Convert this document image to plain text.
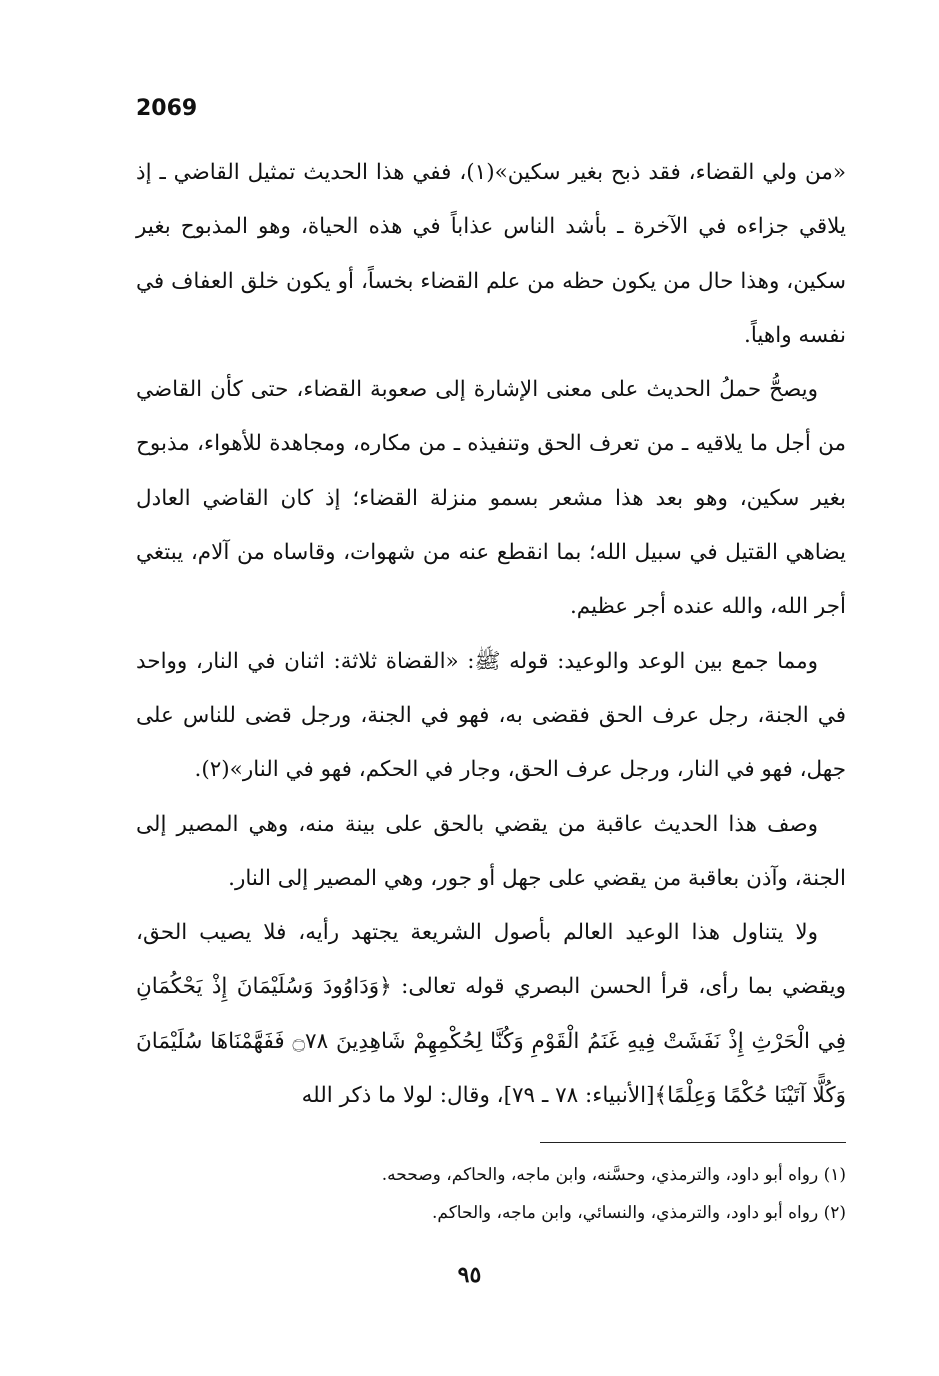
2069

«من ولي القضاء، فقد ذبح بغير سكين»(١)، ففي هذا الحديث تمثيل القاضي ـ إذ يلاقي جزاءه في الآخرة ـ بأشد الناس عذاباً في هذه الحياة، وهو المذبوح بغير سكين، وهذا حال من يكون حظه من علم القضاء بخساً، أو يكون خلق العفاف في نفسه واهياً.

ويصحُّ حملُ الحديث على معنى الإشارة إلى صعوبة القضاء، حتى كأن القاضي من أجل ما يلاقيه ـ من تعرف الحق وتنفيذه ـ من مكاره، ومجاهدة للأهواء، مذبوح بغير سكين، وهو بعد هذا مشعر بسمو منزلة القضاء؛ إذ كان القاضي العادل يضاهي القتيل في سبيل الله؛ بما انقطع عنه من شهوات، وقاساه من آلام، يبتغي أجر الله، والله عنده أجر عظيم.

ومما جمع بين الوعد والوعيد: قوله ﷺ: «القضاة ثلاثة: اثنان في النار، وواحد في الجنة، رجل عرف الحق فقضى به، فهو في الجنة، ورجل قضى للناس على جهل، فهو في النار، ورجل عرف الحق، وجار في الحكم، فهو في النار»(٢).

وصف هذا الحديث عاقبة من يقضي بالحق على بينة منه، وهي المصير إلى الجنة، وآذن بعاقبة من يقضي على جهل أو جور، وهي المصير إلى النار.

ولا يتناول هذا الوعيد العالم بأصول الشريعة يجتهد رأيه، فلا يصيب الحق، ويقضي بما رأى، قرأ الحسن البصري قوله تعالى: ﴿وَدَاوُودَ وَسُلَيْمَانَ إِذْ يَحْكُمَانِ فِي الْحَرْثِ إِذْ نَفَشَتْ فِيهِ غَنَمُ الْقَوْمِ وَكُنَّا لِحُكْمِهِمْ شَاهِدِينَ ۝٧٨ فَفَهَّمْنَاهَا سُلَيْمَانَ وَكُلًّا آتَيْنَا حُكْمًا وَعِلْمًا﴾[الأنبياء: ٧٨ ـ ٧٩]، وقال: لولا ما ذكر الله

(١) رواه أبو داود، والترمذي، وحسَّنه، وابن ماجه، والحاكم، وصححه.

(٢) رواه أبو داود، والترمذي، والنسائي، وابن ماجه، والحاكم.

٩٥
